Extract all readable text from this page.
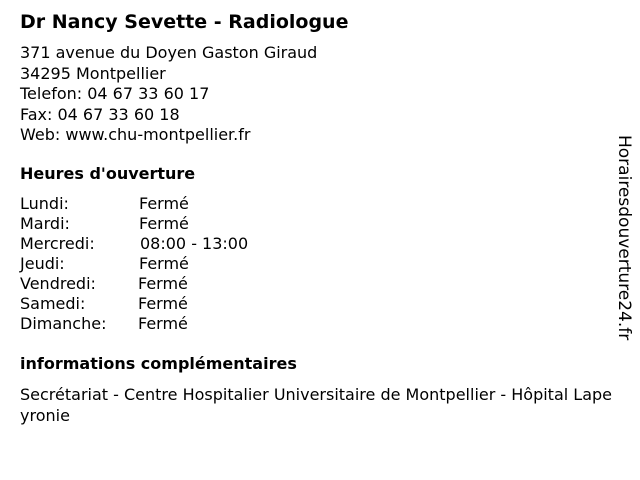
Dr Nancy Sevette - Radiologue
371 avenue du Doyen Gaston Giraud
34295 Montpellier
Telefon: 04 67 33 60 17
Fax: 04 67 33 60 18
Web: www.chu-montpellier.fr
Heures d'ouverture
Lundi:	Fermé
Mardi:	Fermé
Mercredi:	08:00 - 13:00
Jeudi:	Fermé
Vendredi:	Fermé
Samedi:	Fermé
Dimanche: Fermé
informations complémentaires
Secrétariat - Centre Hospitalier Universitaire de Montpellier - Hôpital Lapeyronie
Horairesdouverture24.fr
